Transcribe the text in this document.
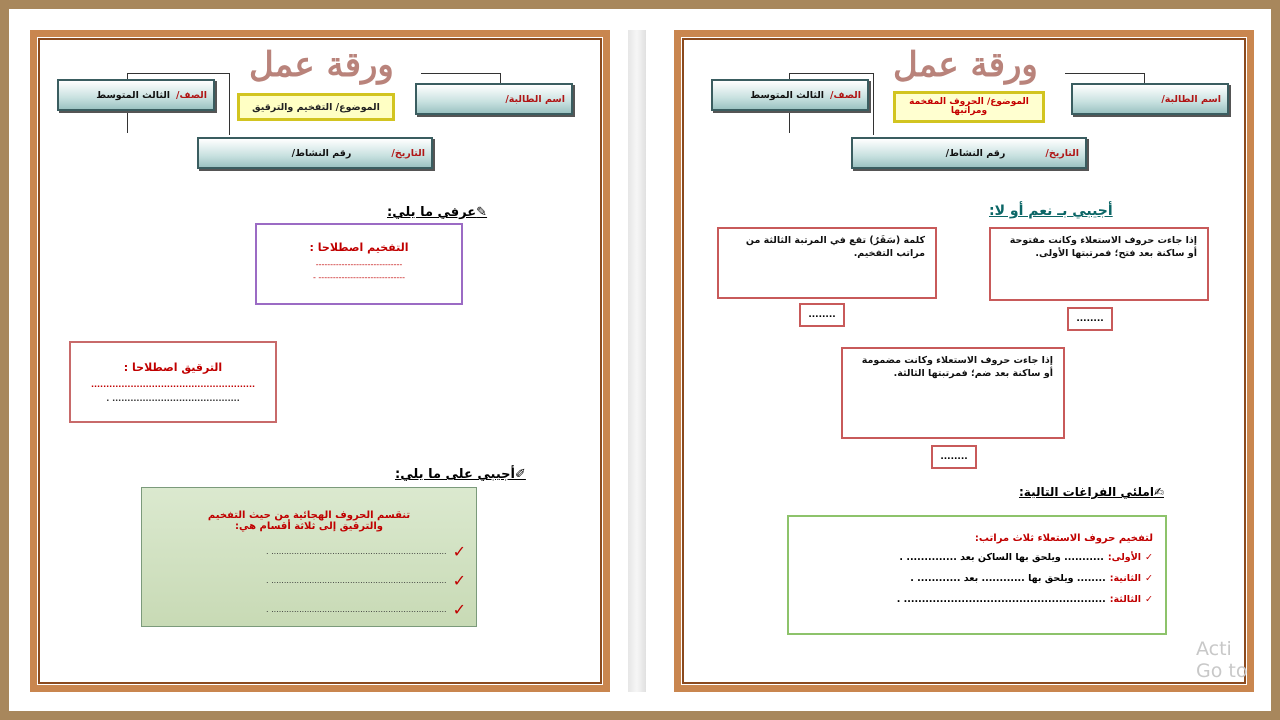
ورقة عمل
الصف/
الثالث المتوسط
الموضوع/ التفخيم والترقيق
اسم الطالبة/
التاريخ/
رقم النشاط/
✎عرفي ما يلي:
التفخيم اصطلاحا :
------------------------------
------------------------------ -
الترقيق اصطلاحا :
......................................................
.......................................... .
✐أجيبي على ما يلي:
تنقسم الحروف الهجائية من حيث التفخيم
والترقيق إلى ثلاثة أقسام هي:
✓
..................................................................... .
✓
..................................................................... .
✓
..................................................................... .
ورقة عمل
الصف/
الثالث المتوسط
الموضوع/ الحروف المفخمة ومراتبها
اسم الطالبة/
التاريخ/
رقم النشاط/
أجيبي بـ نعم أو لا:
إذا جاءت حروف الاستعلاء وكانت مفتوحة أو ساكنة بعد فتح؛ فمرتبتها الأولى.
كلمة (سَقَرٌ) تقع في المرتبة الثالثة من مراتب التفخيم.
........
........
إذا جاءت حروف الاستعلاء وكانت مضمومة أو ساكنة بعد ضم؛ فمرتبتها الثالثة.
........
✍املئي الفراغات التالية:
لتفخيم حروف الاستعلاء ثلاث مراتب:
✓
الأولى:
........... ويلحق بها الساكن بعد .............. .
✓
الثانية:
........ ويلحق بها ............ بعد ............ .
✓
الثالثة:
........................................................ .
Acti
Go to
